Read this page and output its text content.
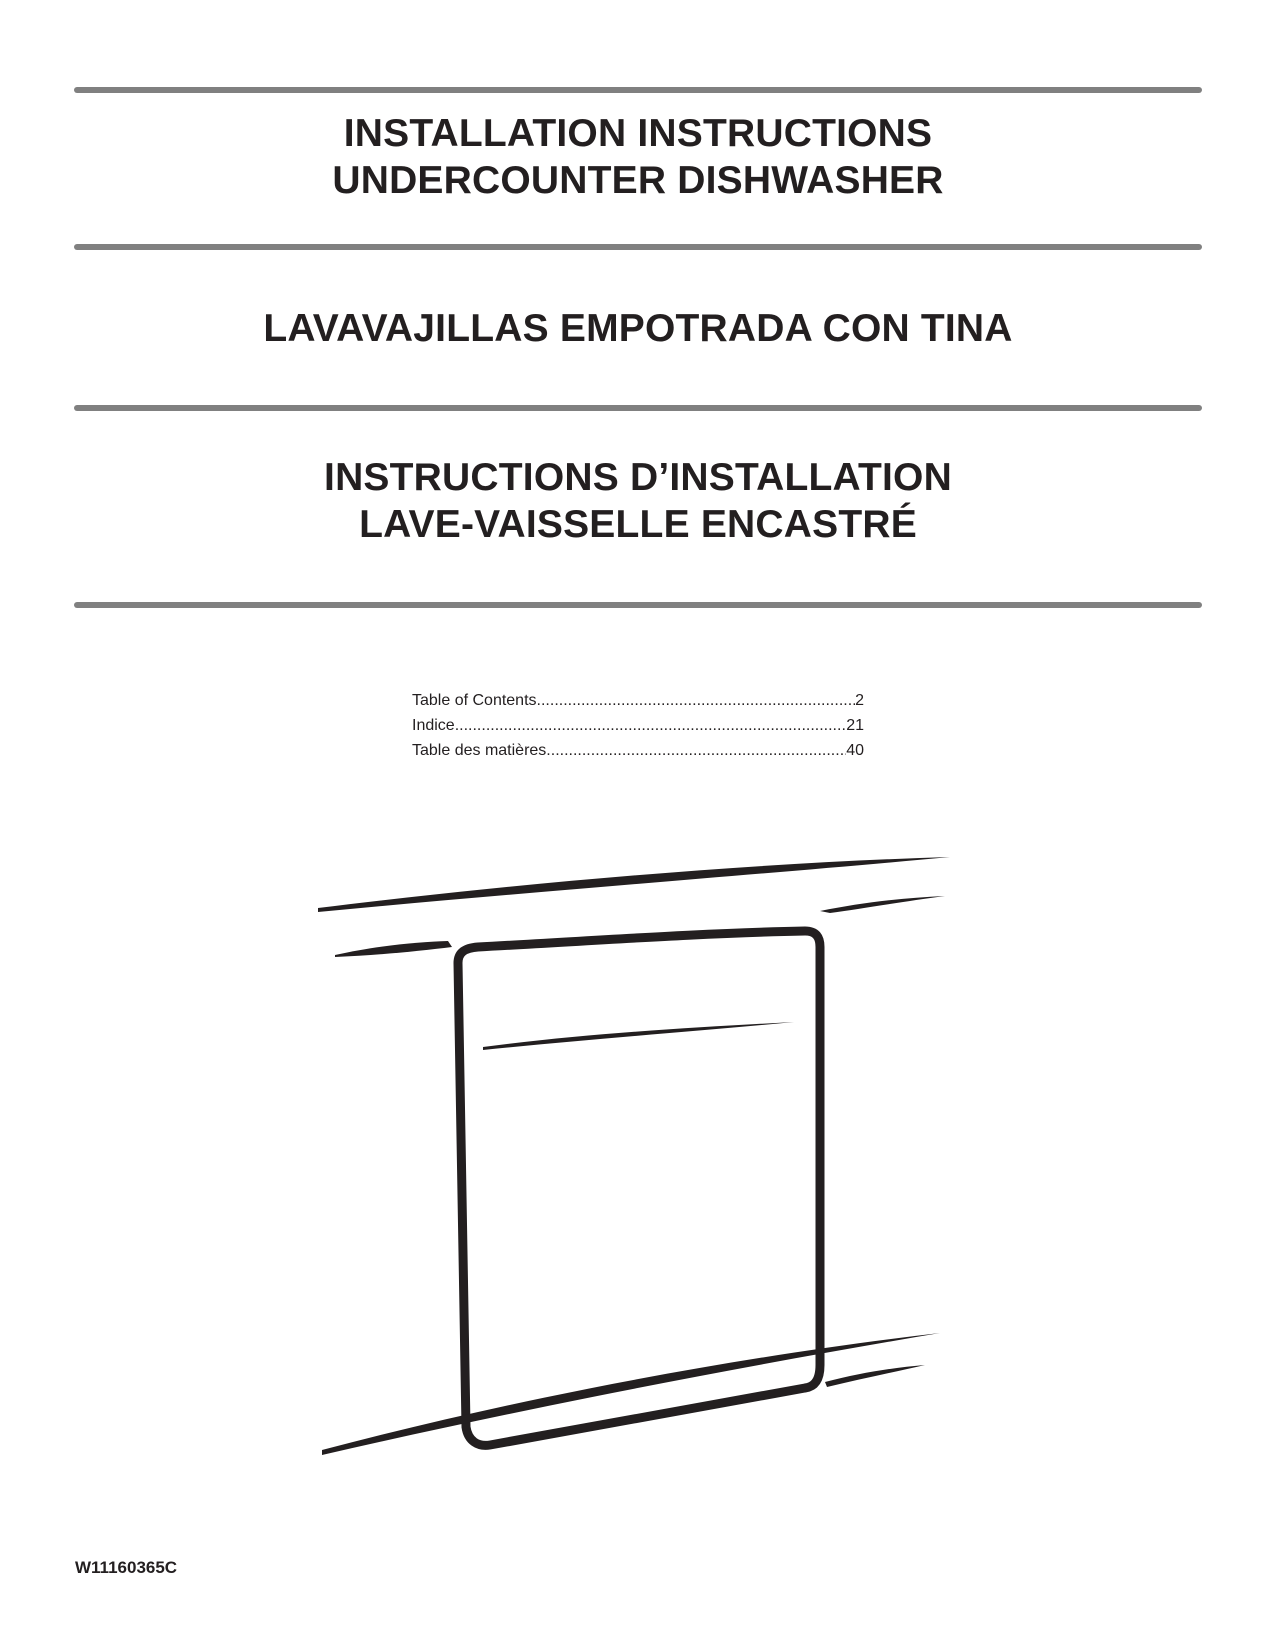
INSTALLATION INSTRUCTIONS
UNDERCOUNTER DISHWASHER
LAVAVAJILLAS EMPOTRADA CON TINA
INSTRUCTIONS D’INSTALLATION
LAVE-VAISSELLE ENCASTRÉ
Table of Contents .....	2
Indice .....	21
Table des matières .....	40
W11160365C
